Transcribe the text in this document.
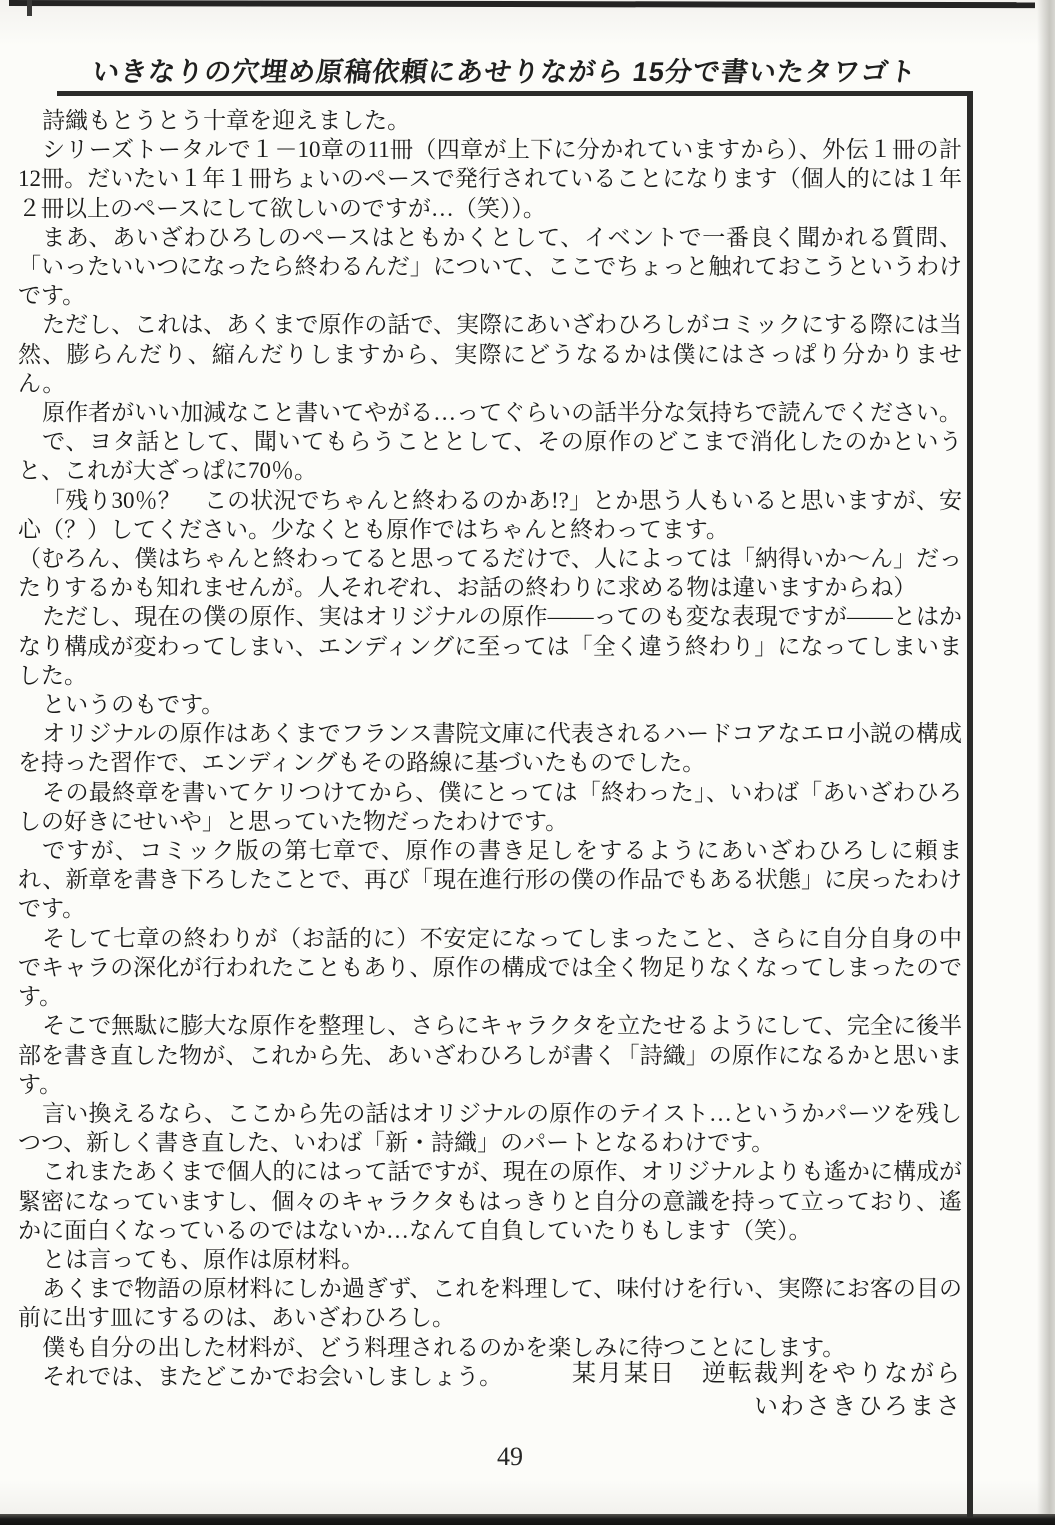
いきなりの穴埋め原稿依頼にあせりながら 15分で書いたタワゴト

詩織もとうとう十章を迎えました。

シリーズトータルで１－10章の11冊（四章が上下に分かれていますから）、外伝１冊の計12冊。だいたい１年１冊ちょいのペースで発行されていることになります（個人的には１年２冊以上のペースにして欲しいのですが…（笑））。

まあ、あいざわひろしのペースはともかくとして、イベントで一番良く聞かれる質問、「いったいいつになったら終わるんだ」について、ここでちょっと触れておこうというわけです。

ただし、これは、あくまで原作の話で、実際にあいざわひろしがコミックにする際には当然、膨らんだり、縮んだりしますから、実際にどうなるかは僕にはさっぱり分かりません。

原作者がいい加減なこと書いてやがる…ってぐらいの話半分な気持ちで読んでください。

で、ヨタ話として、聞いてもらうこととして、その原作のどこまで消化したのかというと、これが大ざっぱに70％。

「残り30％？　この状況でちゃんと終わるのかあ!?」とか思う人もいると思いますが、安心（？）してください。少なくとも原作ではちゃんと終わってます。

（むろん、僕はちゃんと終わってると思ってるだけで、人によっては「納得いか～ん」だったりするかも知れませんが。人それぞれ、お話の終わりに求める物は違いますからね）

ただし、現在の僕の原作、実はオリジナルの原作――ってのも変な表現ですが――とはかなり構成が変わってしまい、エンディングに至っては「全く違う終わり」になってしまいました。

というのもです。

オリジナルの原作はあくまでフランス書院文庫に代表されるハードコアなエロ小説の構成を持った習作で、エンディングもその路線に基づいたものでした。

その最終章を書いてケリつけてから、僕にとっては「終わった」、いわば「あいざわひろしの好きにせいや」と思っていた物だったわけです。

ですが、コミック版の第七章で、原作の書き足しをするようにあいざわひろしに頼まれ、新章を書き下ろしたことで、再び「現在進行形の僕の作品でもある状態」に戻ったわけです。

そして七章の終わりが（お話的に）不安定になってしまったこと、さらに自分自身の中でキャラの深化が行われたこともあり、原作の構成では全く物足りなくなってしまったのです。

そこで無駄に膨大な原作を整理し、さらにキャラクタを立たせるようにして、完全に後半部を書き直した物が、これから先、あいざわひろしが書く「詩織」の原作になるかと思います。

言い換えるなら、ここから先の話はオリジナルの原作のテイスト…というかパーツを残しつつ、新しく書き直した、いわば「新・詩織」のパートとなるわけです。

これまたあくまで個人的にはって話ですが、現在の原作、オリジナルよりも遙かに構成が緊密になっていますし、個々のキャラクタもはっきりと自分の意識を持って立っており、遙かに面白くなっているのではないか…なんて自負していたりもします（笑）。

とは言っても、原作は原材料。

あくまで物語の原材料にしか過ぎず、これを料理して、味付けを行い、実際にお客の目の前に出す皿にするのは、あいざわひろし。

僕も自分の出した材料が、どう料理されるのかを楽しみに待つことにします。

それでは、またどこかでお会いしましょう。	某月某日　逆転裁判をやりながら
いわさきひろまさ
49
